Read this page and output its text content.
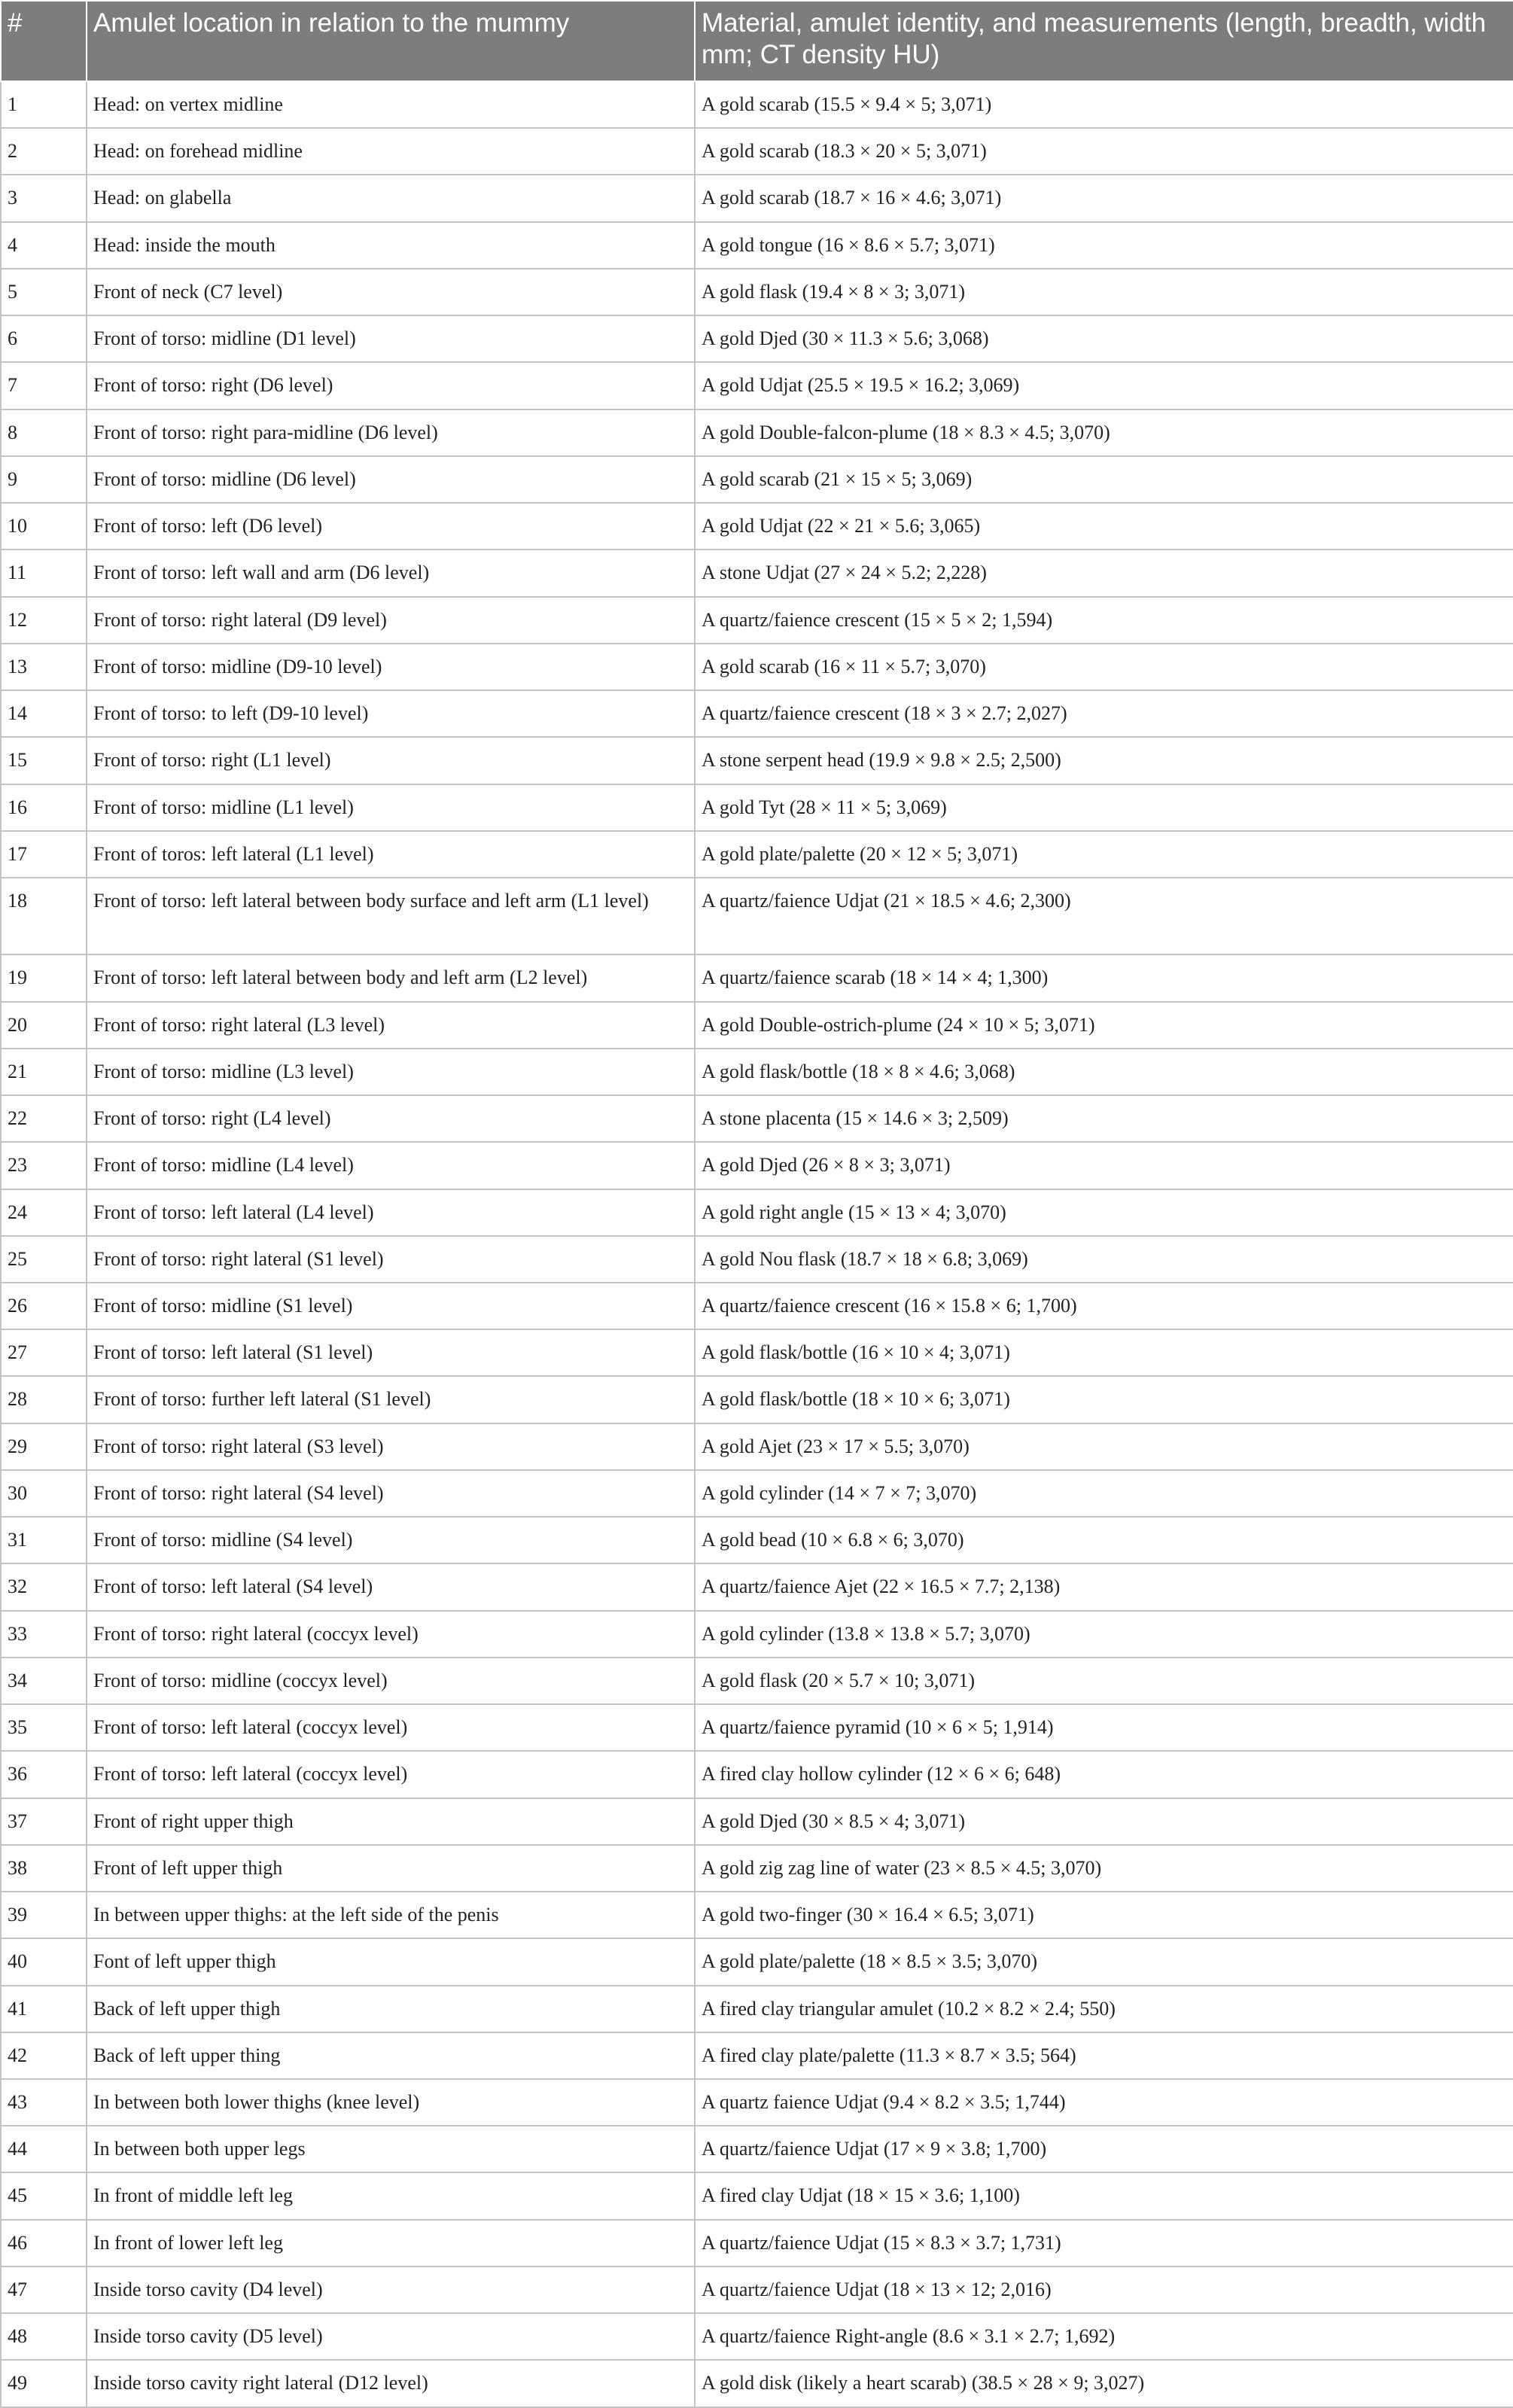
#	Amulet location in relation to the mummy	Material, amulet identity, and measurements (length, breadth, width mm; CT density HU)
1	Head: on vertex midline	A gold scarab (15.5 × 9.4 × 5; 3,071)
2	Head: on forehead midline	A gold scarab (18.3 × 20 × 5; 3,071)
3	Head: on glabella	A gold scarab (18.7 × 16 × 4.6; 3,071)
4	Head: inside the mouth	A gold tongue (16 × 8.6 × 5.7; 3,071)
5	Front of neck (C7 level)	A gold flask (19.4 × 8 × 3; 3,071)
6	Front of torso: midline (D1 level)	A gold Djed (30 × 11.3 × 5.6; 3,068)
7	Front of torso: right (D6 level)	A gold Udjat (25.5 × 19.5 × 16.2; 3,069)
8	Front of torso: right para-midline (D6 level)	A gold Double-falcon-plume (18 × 8.3 × 4.5; 3,070)
9	Front of torso: midline (D6 level)	A gold scarab (21 × 15 × 5; 3,069)
10	Front of torso: left (D6 level)	A gold Udjat (22 × 21 × 5.6; 3,065)
11	Front of torso: left wall and arm (D6 level)	A stone Udjat (27 × 24 × 5.2; 2,228)
12	Front of torso: right lateral (D9 level)	A quartz/faience crescent (15 × 5 × 2; 1,594)
13	Front of torso: midline (D9-10 level)	A gold scarab (16 × 11 × 5.7; 3,070)
14	Front of torso: to left (D9-10 level)	A quartz/faience crescent (18 × 3 × 2.7; 2,027)
15	Front of torso: right (L1 level)	A stone serpent head (19.9 × 9.8 × 2.5; 2,500)
16	Front of torso: midline (L1 level)	A gold Tyt (28 × 11 × 5; 3,069)
17	Front of toros: left lateral (L1 level)	A gold plate/palette (20 × 12 × 5; 3,071)
18	Front of torso: left lateral between body surface and left arm (L1 level)	A quartz/faience Udjat (21 × 18.5 × 4.6; 2,300)
19	Front of torso: left lateral between body and left arm (L2 level)	A quartz/faience scarab (18 × 14 × 4; 1,300)
20	Front of torso: right lateral (L3 level)	A gold Double-ostrich-plume (24 × 10 × 5; 3,071)
21	Front of torso: midline (L3 level)	A gold flask/bottle (18 × 8 × 4.6; 3,068)
22	Front of torso: right (L4 level)	A stone placenta (15 × 14.6 × 3; 2,509)
23	Front of torso: midline (L4 level)	A gold Djed (26 × 8 × 3; 3,071)
24	Front of torso: left lateral (L4 level)	A gold right angle (15 × 13 × 4; 3,070)
25	Front of torso: right lateral (S1 level)	A gold Nou flask (18.7 × 18 × 6.8; 3,069)
26	Front of torso: midline (S1 level)	A quartz/faience crescent (16 × 15.8 × 6; 1,700)
27	Front of torso: left lateral (S1 level)	A gold flask/bottle (16 × 10 × 4; 3,071)
28	Front of torso: further left lateral (S1 level)	A gold flask/bottle (18 × 10 × 6; 3,071)
29	Front of torso: right lateral (S3 level)	A gold Ajet (23 × 17 × 5.5; 3,070)
30	Front of torso: right lateral (S4 level)	A gold cylinder (14 × 7 × 7; 3,070)
31	Front of torso: midline (S4 level)	A gold bead (10 × 6.8 × 6; 3,070)
32	Front of torso: left lateral (S4 level)	A quartz/faience Ajet (22 × 16.5 × 7.7; 2,138)
33	Front of torso: right lateral (coccyx level)	A gold cylinder (13.8 × 13.8 × 5.7; 3,070)
34	Front of torso: midline (coccyx level)	A gold flask (20 × 5.7 × 10; 3,071)
35	Front of torso: left lateral (coccyx level)	A quartz/faience pyramid (10 × 6 × 5; 1,914)
36	Front of torso: left lateral (coccyx level)	A fired clay hollow cylinder (12 × 6 × 6; 648)
37	Front of right upper thigh	A gold Djed (30 × 8.5 × 4; 3,071)
38	Front of left upper thigh	A gold zig zag line of water (23 × 8.5 × 4.5; 3,070)
39	In between upper thighs: at the left side of the penis	A gold two-finger (30 × 16.4 × 6.5; 3,071)
40	Font of left upper thigh	A gold plate/palette (18 × 8.5 × 3.5; 3,070)
41	Back of left upper thigh	A fired clay triangular amulet (10.2 × 8.2 × 2.4; 550)
42	Back of left upper thing	A fired clay plate/palette (11.3 × 8.7 × 3.5; 564)
43	In between both lower thighs (knee level)	A quartz faience Udjat (9.4 × 8.2 × 3.5; 1,744)
44	In between both upper legs	A quartz/faience Udjat (17 × 9 × 3.8; 1,700)
45	In front of middle left leg	A fired clay Udjat (18 × 15 × 3.6; 1,100)
46	In front of lower left leg	A quartz/faience Udjat (15 × 8.3 × 3.7; 1,731)
47	Inside torso cavity (D4 level)	A quartz/faience Udjat (18 × 13 × 12; 2,016)
48	Inside torso cavity (D5 level)	A quartz/faience Right-angle (8.6 × 3.1 × 2.7; 1,692)
49	Inside torso cavity right lateral (D12 level)	A gold disk (likely a heart scarab) (38.5 × 28 × 9; 3,027)
